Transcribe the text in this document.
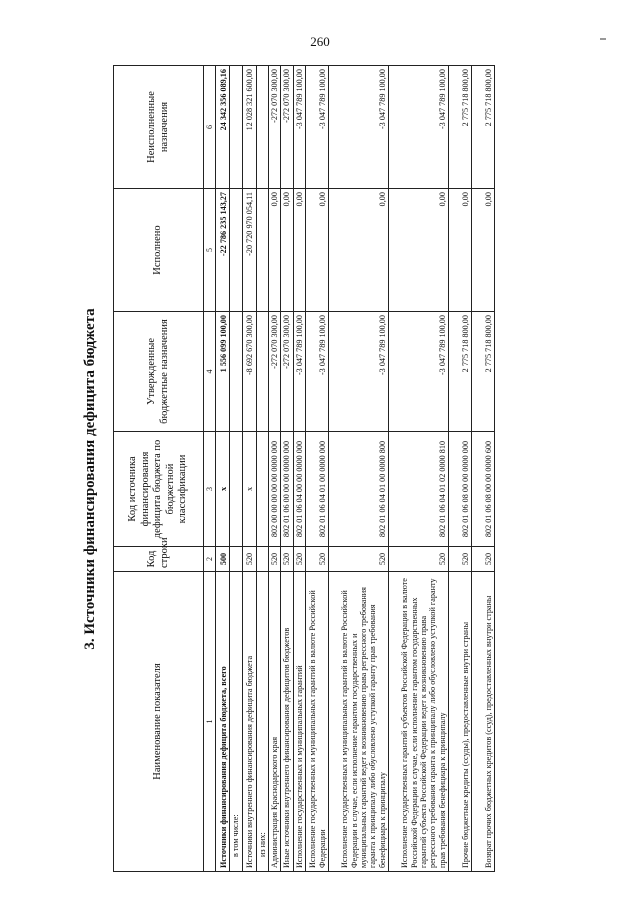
260
3. Источники финансирования дефицита бюджета
Наименование показателя	Код строки	Код источника финансирования дефицита бюджета по бюджетной классификации	Утвержденные бюджетные назначения	Исполнено	Неисполненные назначения
1	2	3	4	5	6
Источники финансирования дефицита бюджета, всего	500	x	1 556 099 100,00	-22 786 235 143,27	24 342 356 089,16
в том числе:					
Источники внутреннего финансирования дефицита бюджета	520	x	-8 692 670 300,00	-20 720 970 054,11	12 028 321 600,00
из них:					
Администрация Краснодарского края	520	802 00 00 00 00 00 0000 000	-272 070 300,00	0,00	-272 070 300,00
Иные источники внутреннего финансирования дефицитов бюджетов	520	802 01 06 00 00 00 0000 000	-272 070 300,00	0,00	-272 070 300,00
Исполнение государственных и муниципальных гарантий	520	802 01 06 04 00 00 0000 000	-3 047 789 100,00	0,00	-3 047 789 100,00
Исполнение государственных и муниципальных гарантий в валюте Российской Федерации	520	802 01 06 04 01 00 0000 000	-3 047 789 100,00	0,00	-3 047 789 100,00
Исполнение государственных и муниципальных гарантий в валюте Российской Федерации в случае, если исполнение гарантом государственных и муниципальных гарантий ведет к возникновению права регрессного требования гаранта к принципалу либо обусловлено уступкой гаранту прав требования бенефициара к принципалу	520	802 01 06 04 01 00 0000 800	-3 047 789 100,00	0,00	-3 047 789 100,00
Исполнение государственных гарантий субъектов Российской Федерации в валюте Российской Федерации в случае, если исполнение гарантом государственных гарантий субъекта Российской Федерации ведет к возникновению права регрессного требования гаранта к принципалу либо обусловлено уступкой гаранту прав требования бенефициара к принципалу	520	802 01 06 04 01 02 0000 810	-3 047 789 100,00	0,00	-3 047 789 100,00
Прочие бюджетные кредиты (ссуды), предоставленные внутри страны	520	802 01 06 08 00 00 0000 000	2 775 718 800,00	0,00	2 775 718 800,00
Возврат прочих бюджетных кредитов (ссуд), предоставленных внутри страны	520	802 01 06 08 00 00 0000 600	2 775 718 800,00	0,00	2 775 718 800,00
